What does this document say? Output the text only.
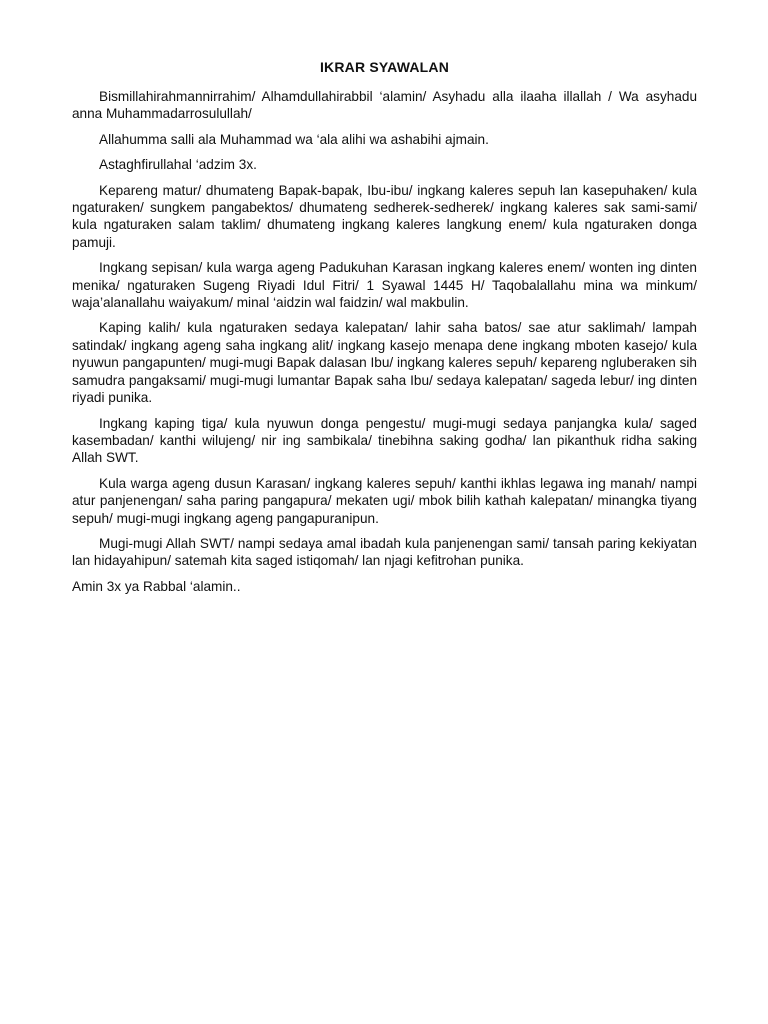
IKRAR SYAWALAN

Bismillahirahmannirrahim/ Alhamdullahirabbil ‘alamin/ Asyhadu alla ilaaha illallah / Wa asyhadu anna Muhammadarrosulullah/

Allahumma salli ala Muhammad wa ‘ala alihi wa ashabihi ajmain.

Astaghfirullahal ‘adzim 3x.

Kepareng matur/ dhumateng Bapak-bapak, Ibu-ibu/ ingkang kaleres sepuh lan kasepuhaken/ kula ngaturaken/ sungkem pangabektos/ dhumateng sedherek-sedherek/ ingkang kaleres sak sami-sami/ kula ngaturaken salam taklim/ dhumateng ingkang kaleres langkung enem/ kula ngaturaken donga pamuji.

Ingkang sepisan/ kula warga ageng Padukuhan Karasan ingkang kaleres enem/ wonten ing dinten menika/ ngaturaken Sugeng Riyadi Idul Fitri/ 1 Syawal 1445 H/ Taqobalallahu mina wa minkum/ waja’alanallahu waiyakum/ minal ‘aidzin wal faidzin/ wal makbulin.

Kaping kalih/ kula ngaturaken sedaya kalepatan/ lahir saha batos/ sae atur saklimah/ lampah satindak/ ingkang ageng saha ingkang alit/ ingkang kasejo menapa dene ingkang mboten kasejo/ kula nyuwun pangapunten/ mugi-mugi Bapak dalasan Ibu/ ingkang kaleres sepuh/ kepareng ngluberaken sih samudra pangaksami/ mugi-mugi lumantar Bapak saha Ibu/ sedaya kalepatan/ sageda lebur/ ing dinten riyadi punika.

Ingkang kaping tiga/ kula nyuwun donga pengestu/ mugi-mugi sedaya panjangka kula/ saged kasembadan/ kanthi wilujeng/ nir ing sambikala/ tinebihna saking godha/ lan pikanthuk ridha saking Allah SWT.

Kula warga ageng dusun Karasan/ ingkang kaleres sepuh/ kanthi ikhlas legawa ing manah/ nampi atur panjenengan/ saha paring pangapura/ mekaten ugi/ mbok bilih kathah kalepatan/ minangka tiyang sepuh/ mugi-mugi ingkang ageng pangapuranipun.

Mugi-mugi Allah SWT/ nampi sedaya amal ibadah kula panjenengan sami/ tansah paring kekiyatan lan hidayahipun/ satemah kita saged istiqomah/ lan njagi kefitrohan punika.

Amin 3x ya Rabbal ‘alamin..
